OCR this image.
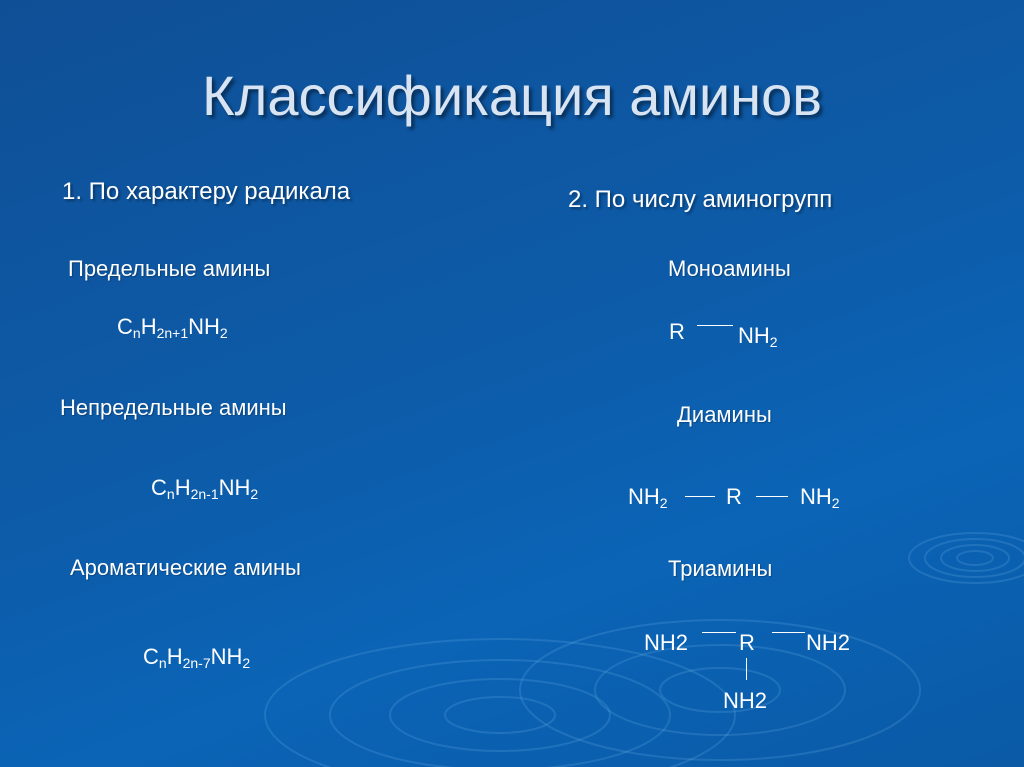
Классификация аминов
1. По характеру радикала
Предельные амины
$C_nH_{2n+1}NH_2$
Непредельные амины
$C_nH_{2n-1}NH_2$
Ароматические амины
$C_nH_{2n-7}NH_2$
2. По числу аминогрупп
Моноамины
R $NH_2$
Диамины
$NH_2$	R	$NH_2$
Триамины
NH2 R NH2
NH2
